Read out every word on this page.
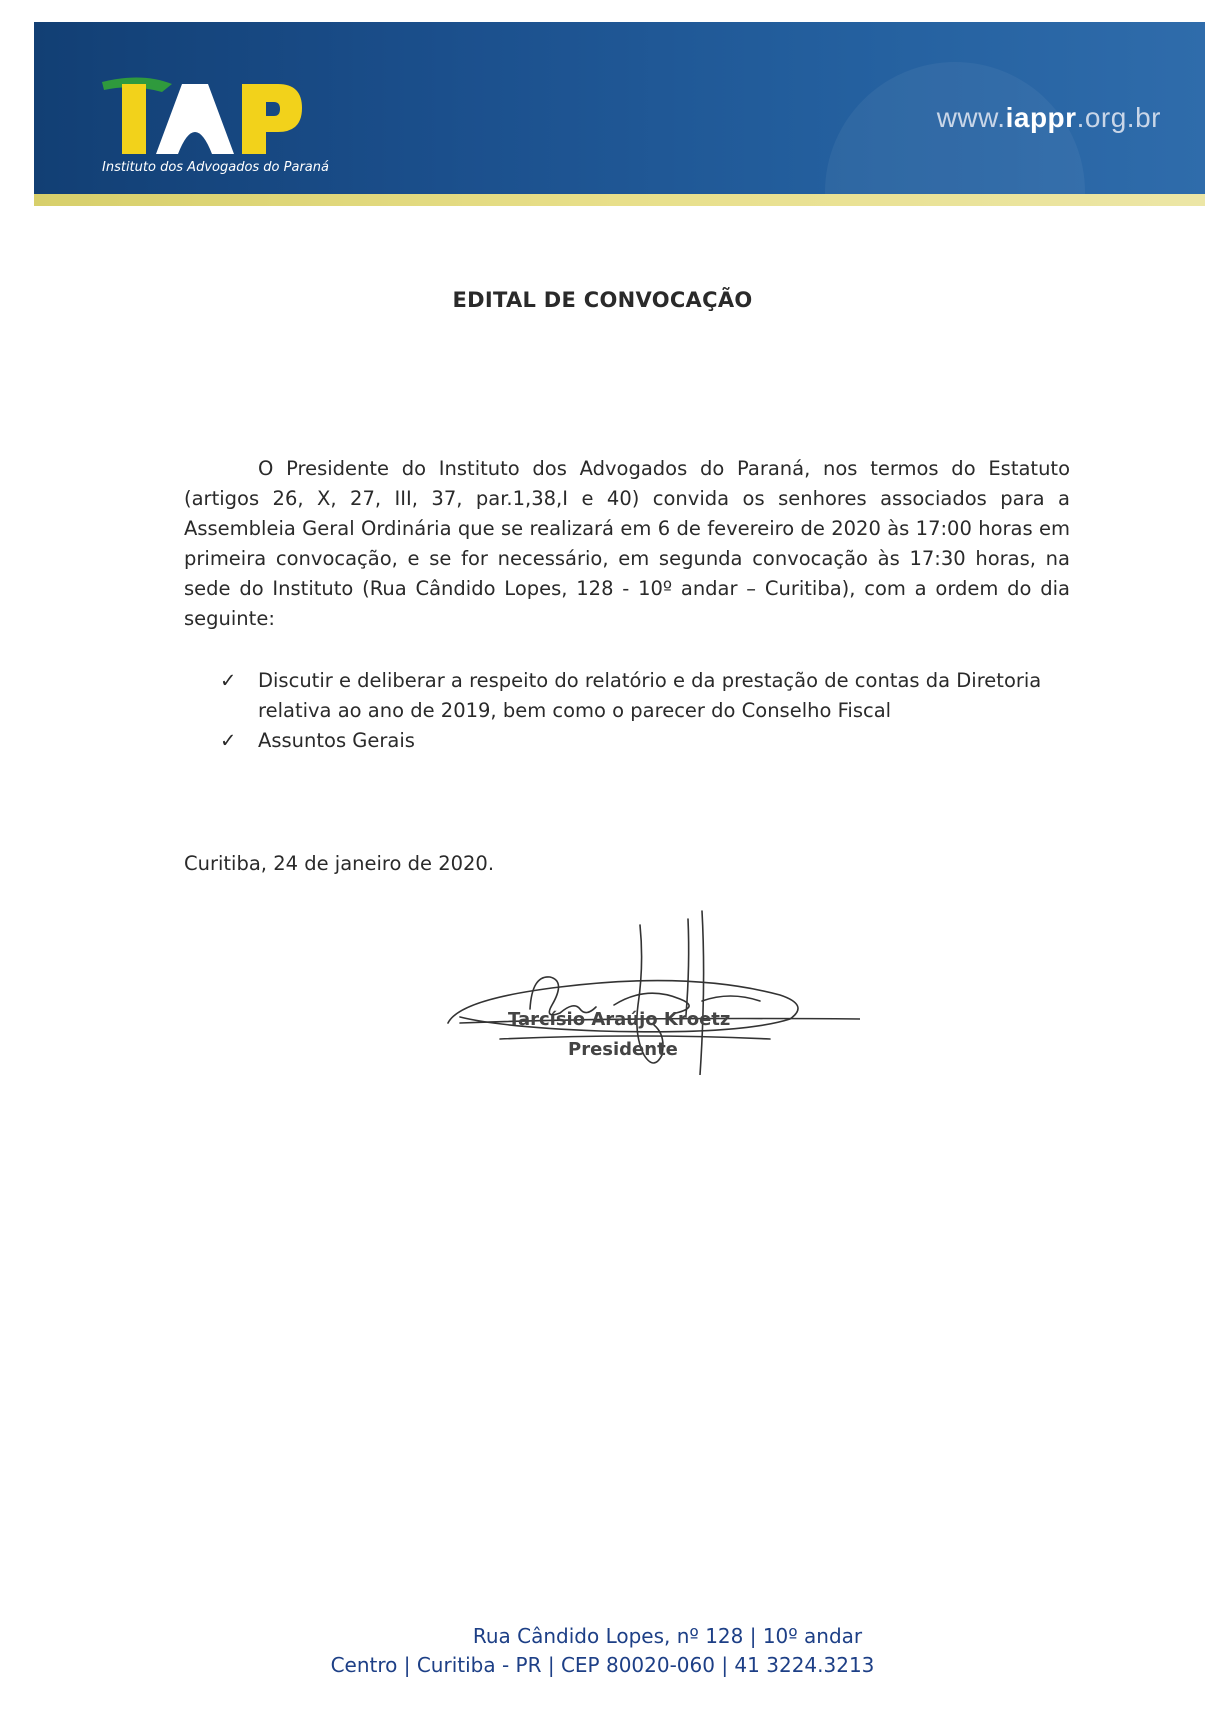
Instituto dos Advogados do Paraná
www.iappr.org.br
EDITAL DE CONVOCAÇÃO

O Presidente do Instituto dos Advogados do Paraná, nos termos do Estatuto (artigos 26, X, 27, III, 37, par.1,38,I e 40) convida os senhores associados para a Assembleia Geral Ordinária que se realizará em 6 de fevereiro de 2020 às 17:00 horas em primeira convocação, e se for necessário, em segunda convocação às 17:30 horas, na sede do Instituto (Rua Cândido Lopes, 128 - 10º andar – Curitiba), com a ordem do dia seguinte:

✓	Discutir e deliberar a respeito do relatório e da prestação de contas da Diretoria relativa ao ano de 2019, bem como o parecer do Conselho Fiscal
✓	Assuntos Gerais
Curitiba, 24 de janeiro de 2020.
Tarcísio Araújo Kroetz
Presidente
Rua Cândido Lopes, nº 128 | 10º andar
Centro | Curitiba - PR | CEP 80020-060 | 41 3224.3213
